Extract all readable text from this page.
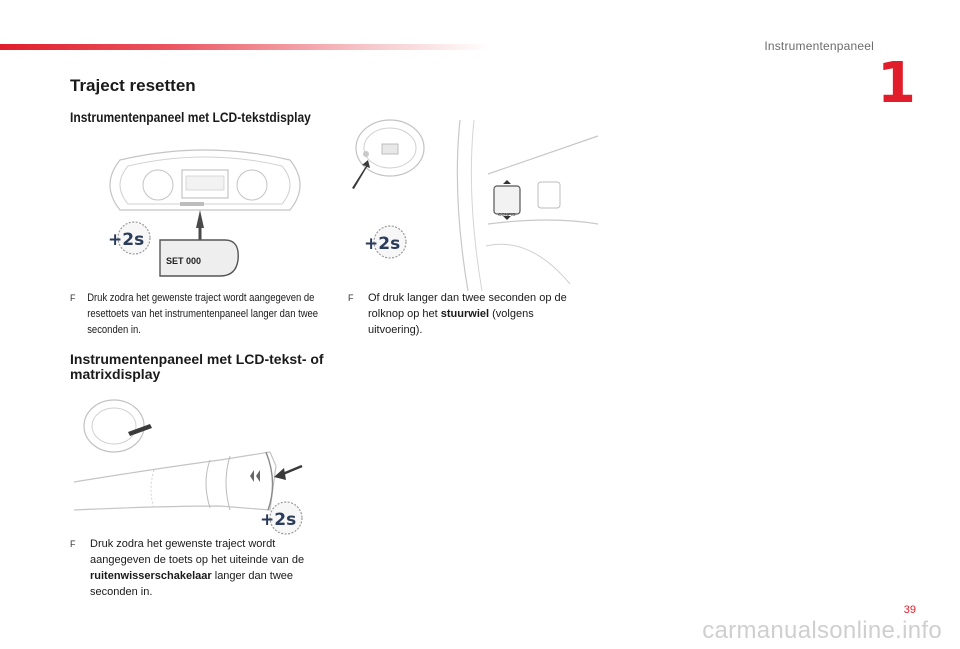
Instrumentenpaneel
1
Traject resetten
Instrumentenpaneel met LCD-tekstdisplay
SET 000
+2s
CONFIG
+2s
F	Druk zodra het gewenste traject wordt aangegeven de resettoets van het instrumentenpaneel langer dan twee seconden in.
F	Of druk langer dan twee seconden op de rolknop op het stuurwiel (volgens uitvoering).
Instrumentenpaneel met LCD-tekst- of matrixdisplay
+2s
F	Druk zodra het gewenste traject wordt aangegeven de toets op het uiteinde van de ruitenwisserschakelaar langer dan twee seconden in.
39
carmanualsonline.info
